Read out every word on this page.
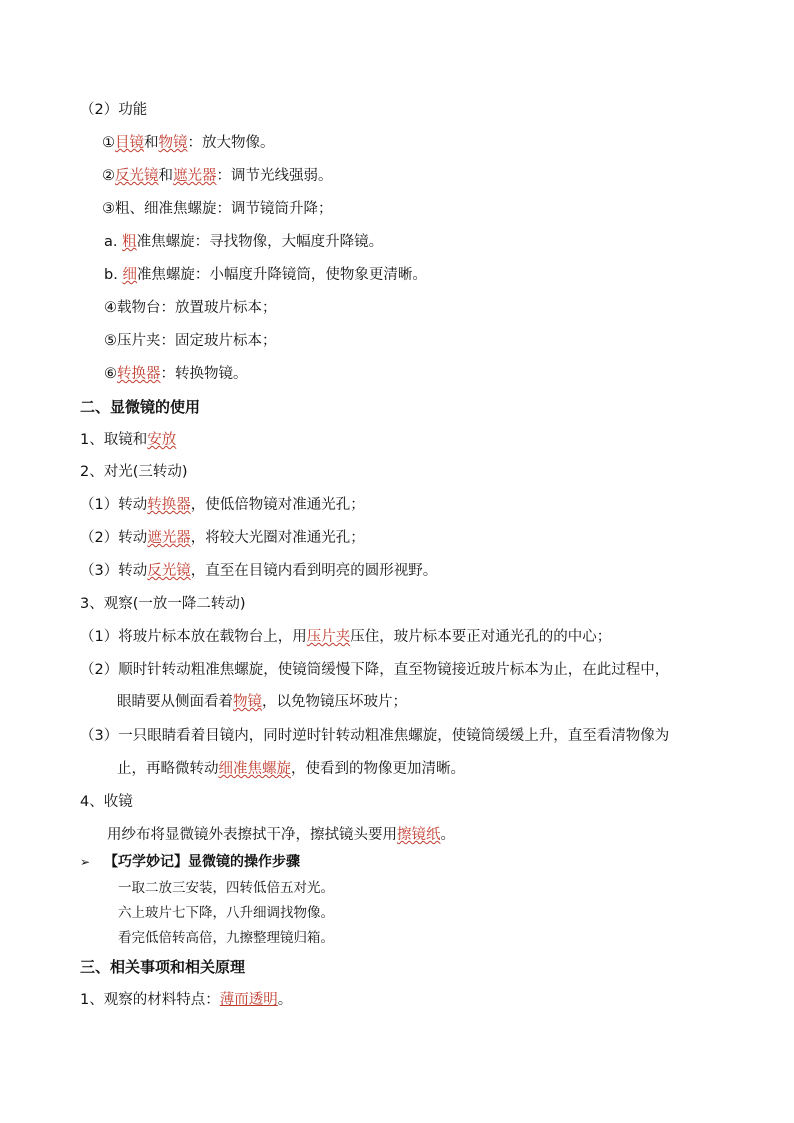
（2）功能
①目镜和物镜：放大物像。
②反光镜和遮光器：调节光线强弱。
③粗、细准焦螺旋：调节镜筒升降；
a. 粗准焦螺旋：寻找物像，大幅度升降镜。
b. 细准焦螺旋：小幅度升降镜筒，使物象更清晰。
④载物台：放置玻片标本；
⑤压片夹：固定玻片标本；
⑥转换器：转换物镜。
二、显微镜的使用
1、取镜和安放
2、对光(三转动)
（1）转动转换器，使低倍物镜对准通光孔；
（2）转动遮光器，将较大光圈对准通光孔；
（3）转动反光镜，直至在目镜内看到明亮的圆形视野。
3、观察(一放一降二转动)
（1）将玻片标本放在载物台上，用压片夹压住，玻片标本要正对通光孔的的中心；
（2）顺时针转动粗准焦螺旋，使镜筒缓慢下降，直至物镜接近玻片标本为止，在此过程中，
眼睛要从侧面看着物镜，以免物镜压坏玻片；
（3）一只眼睛看着目镜内，同时逆时针转动粗准焦螺旋，使镜筒缓缓上升，直至看清物像为
止，再略微转动细准焦螺旋，使看到的物像更加清晰。
4、收镜
用纱布将显微镜外表擦拭干净，擦拭镜头要用擦镜纸。
➢ 【巧学妙记】显微镜的操作步骤
一取二放三安装，四转低倍五对光。
六上玻片七下降，八升细调找物像。
看完低倍转高倍，九擦整理镜归箱。
三、相关事项和相关原理
1、观察的材料特点：薄而透明。
